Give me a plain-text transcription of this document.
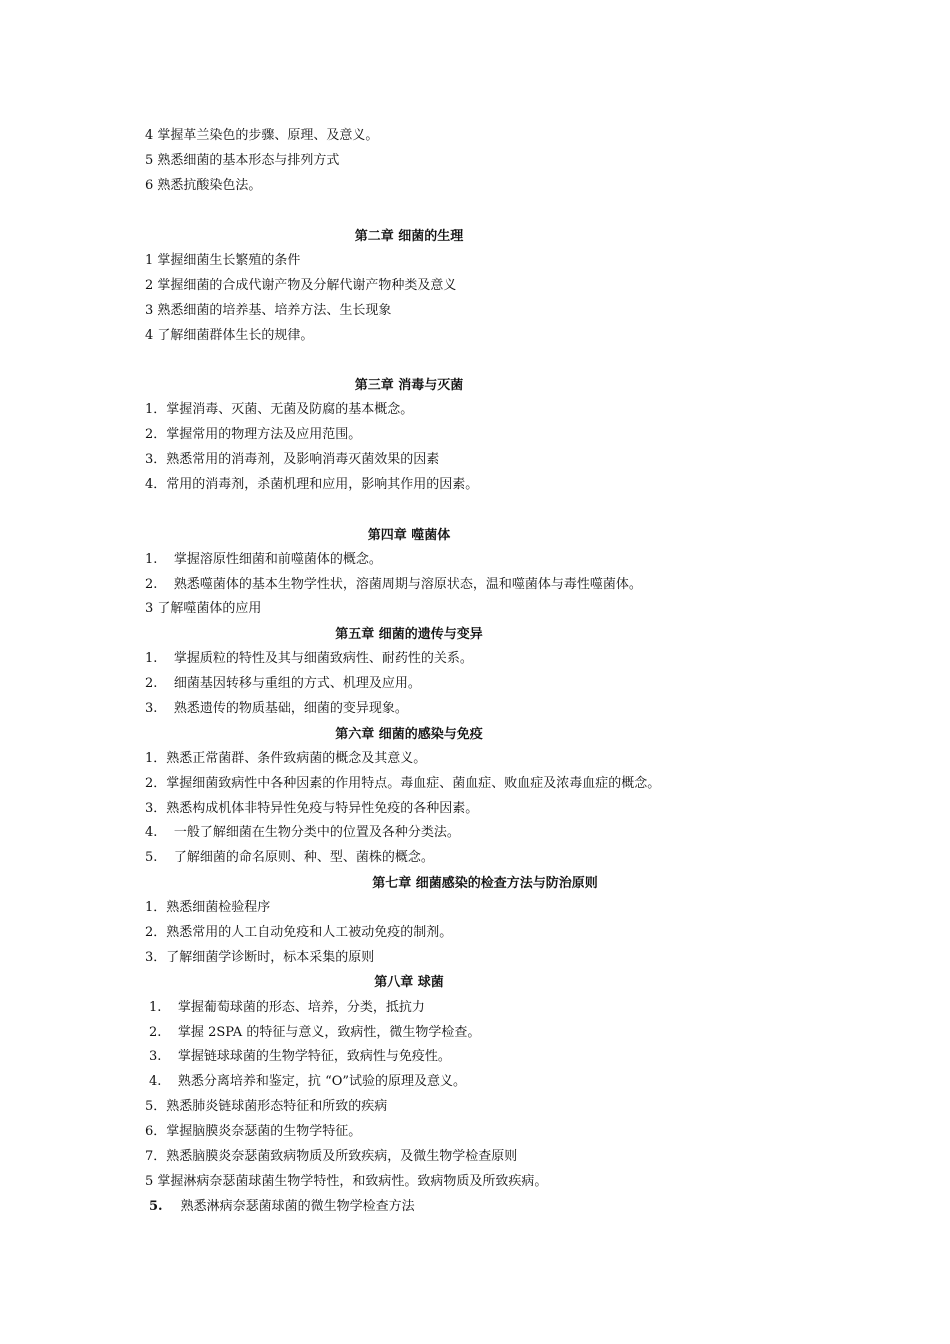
4 掌握革兰染色的步骤、原理、及意义。
5 熟悉细菌的基本形态与排列方式
6 熟悉抗酸染色法。
第二章 细菌的生理
1 掌握细菌生长繁殖的条件
2 掌握细菌的合成代谢产物及分解代谢产物种类及意义
3 熟悉细菌的培养基、培养方法、生长现象
4 了解细菌群体生长的规律。
第三章 消毒与灭菌
1．掌握消毒、灭菌、无菌及防腐的基本概念。
2．掌握常用的物理方法及应用范围。
3．熟悉常用的消毒剂，及影响消毒灭菌效果的因素
4．常用的消毒剂，杀菌机理和应用，影响其作用的因素。
第四章 噬菌体
1.    掌握溶原性细菌和前噬菌体的概念。
2.    熟悉噬菌体的基本生物学性状，溶菌周期与溶原状态，温和噬菌体与毒性噬菌体。
3 了解噬菌体的应用
第五章 细菌的遗传与变异
1.    掌握质粒的特性及其与细菌致病性、耐药性的关系。
2.    细菌基因转移与重组的方式、机理及应用。
3.    熟悉遗传的物质基础，细菌的变异现象。
第六章 细菌的感染与免疫
1．熟悉正常菌群、条件致病菌的概念及其意义。
2．掌握细菌致病性中各种因素的作用特点。毒血症、菌血症、败血症及浓毒血症的概念。
3．熟悉构成机体非特异性免疫与特异性免疫的各种因素。
4.    一般了解细菌在生物分类中的位置及各种分类法。
5.    了解细菌的命名原则、种、型、菌株的概念。
第七章 细菌感染的检查方法与防治原则
1．熟悉细菌检验程序
2．熟悉常用的人工自动免疫和人工被动免疫的制剂。
3．了解细菌学诊断时，标本采集的原则
第八章 球菌
1.    掌握葡萄球菌的形态、培养，分类，抵抗力
2.    掌握 2SPA 的特征与意义，致病性，微生物学检查。
3.    掌握链球球菌的生物学特征，致病性与免疫性。
4.    熟悉分离培养和鉴定，抗 “O”试验的原理及意义。
5．熟悉肺炎链球菌形态特征和所致的疾病
6．掌握脑膜炎奈瑟菌的生物学特征。
7．熟悉脑膜炎奈瑟菌致病物质及所致疾病，及微生物学检查原则
5 掌握淋病奈瑟菌球菌生物学特性，和致病性。致病物质及所致疾病。
5. 熟悉淋病奈瑟菌球菌的微生物学检查方法
